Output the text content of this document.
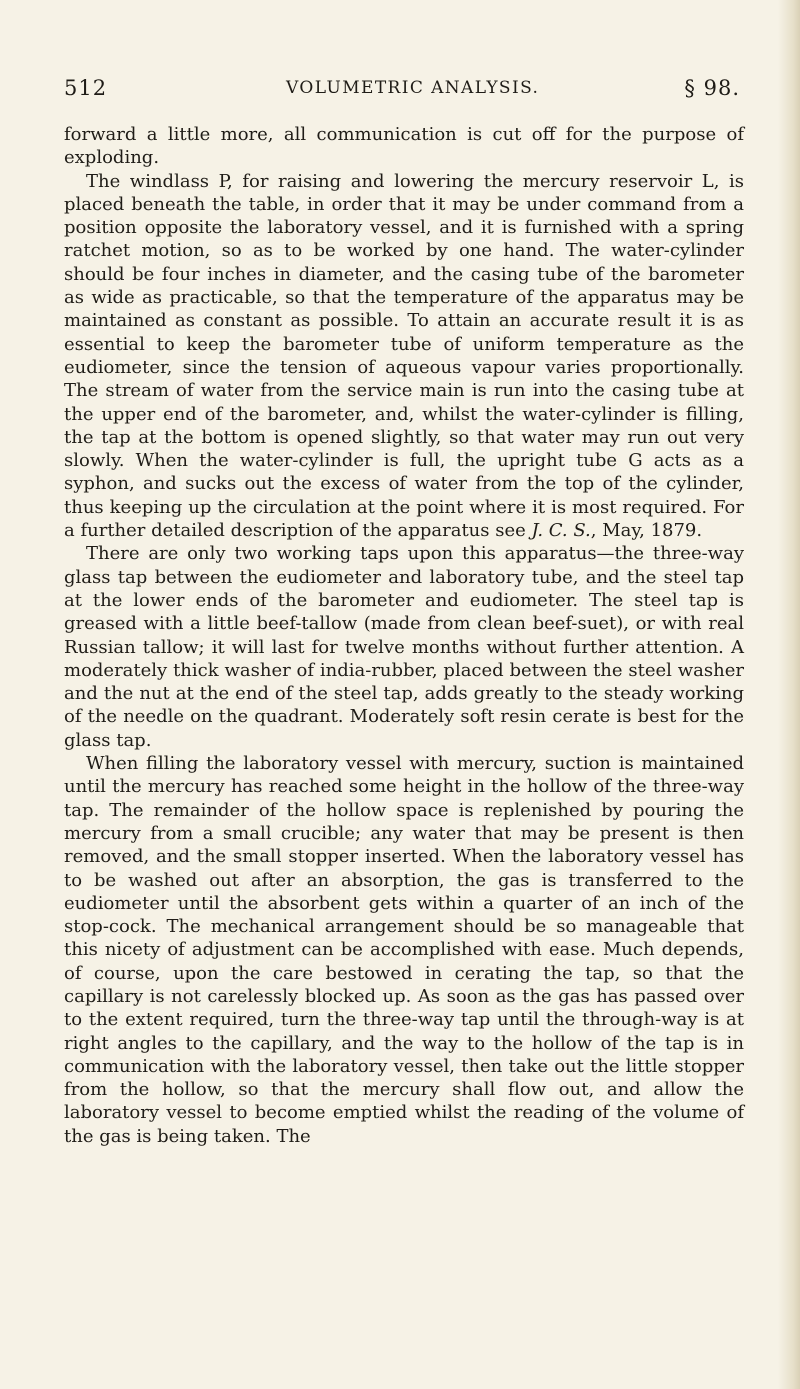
512	VOLUMETRIC ANALYSIS.	§ 98.

forward a little more, all communication is cut off for the purpose of exploding.

The windlass P, for raising and lowering the mercury reservoir L, is placed beneath the table, in order that it may be under command from a position opposite the laboratory vessel, and it is furnished with a spring ratchet motion, so as to be worked by one hand. The water-cylinder should be four inches in diameter, and the casing tube of the barometer as wide as practicable, so that the temperature of the apparatus may be maintained as constant as possible. To attain an accurate result it is as essential to keep the barometer tube of uniform temperature as the eudiometer, since the tension of aqueous vapour varies proportionally. The stream of water from the service main is run into the casing tube at the upper end of the barometer, and, whilst the water-cylinder is filling, the tap at the bottom is opened slightly, so that water may run out very slowly. When the water-cylinder is full, the upright tube G acts as a syphon, and sucks out the excess of water from the top of the cylinder, thus keeping up the circulation at the point where it is most required. For a further detailed description of the apparatus see J. C. S., May, 1879.

There are only two working taps upon this apparatus—the three-way glass tap between the eudiometer and laboratory tube, and the steel tap at the lower ends of the barometer and eudiometer. The steel tap is greased with a little beef-tallow (made from clean beef-suet), or with real Russian tallow; it will last for twelve months without further attention. A moderately thick washer of india-rubber, placed between the steel washer and the nut at the end of the steel tap, adds greatly to the steady working of the needle on the quadrant. Moderately soft resin cerate is best for the glass tap.

When filling the laboratory vessel with mercury, suction is maintained until the mercury has reached some height in the hollow of the three-way tap. The remainder of the hollow space is replenished by pouring the mercury from a small crucible; any water that may be present is then removed, and the small stopper inserted. When the laboratory vessel has to be washed out after an absorption, the gas is transferred to the eudiometer until the absorbent gets within a quarter of an inch of the stop-cock. The mechanical arrangement should be so manageable that this nicety of adjustment can be accomplished with ease. Much depends, of course, upon the care bestowed in cerating the tap, so that the capillary is not carelessly blocked up. As soon as the gas has passed over to the extent required, turn the three-way tap until the through-way is at right angles to the capillary, and the way to the hollow of the tap is in communication with the laboratory vessel, then take out the little stopper from the hollow, so that the mercury shall flow out, and allow the laboratory vessel to become emptied whilst the reading of the volume of the gas is being taken. The
